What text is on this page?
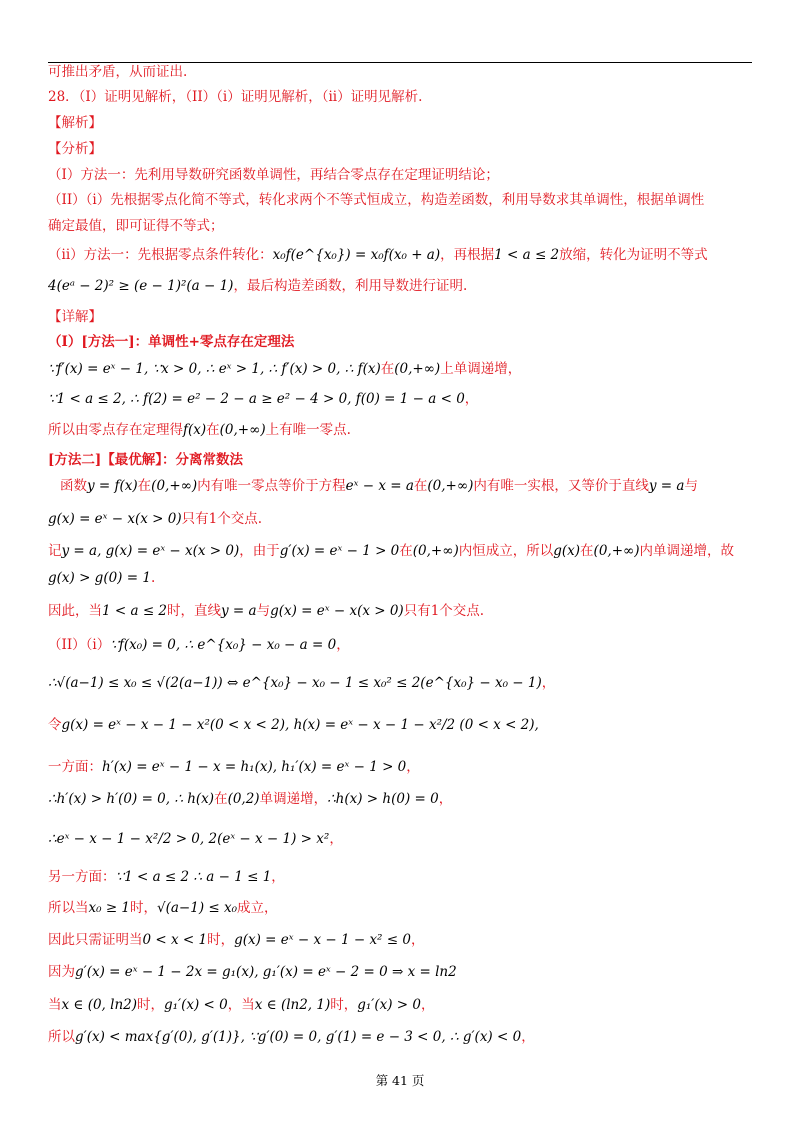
可推出矛盾，从而证出.
28．（I）证明见解析，（II）（i）证明见解析，（ii）证明见解析.
【解析】
【分析】
（I）方法一：先利用导数研究函数单调性，再结合零点存在定理证明结论；
（II）（i）先根据零点化简不等式，转化求两个不等式恒成立，构造差函数，利用导数求其单调性，根据单调性
确定最值，即可证得不等式；
（ii）方法一：先根据零点条件转化：x₀f(e^{x₀}) = x₀f(x₀ + a)，再根据1 < a ≤ 2放缩，转化为证明不等式
4(eᵃ − 2)² ≥ (e − 1)²(a − 1)，最后构造差函数，利用导数进行证明.
【详解】
（I）[方法一]：单调性+零点存在定理法
∵f′(x) = eˣ − 1, ∵x > 0, ∴ eˣ > 1, ∴ f′(x) > 0, ∴ f(x)在(0,+∞)上单调递增，
∵1 < a ≤ 2, ∴ f(2) = e² − 2 − a ≥ e² − 4 > 0, f(0) = 1 − a < 0，
所以由零点存在定理得f(x)在(0,+∞)上有唯一零点.
[方法二]【最优解】：分离常数法
函数y = f(x)在(0,+∞)内有唯一零点等价于方程eˣ − x = a在(0,+∞)内有唯一实根，又等价于直线y = a与
g(x) = eˣ − x(x > 0)只有1个交点.
记y = a, g(x) = eˣ − x(x > 0)，由于g′(x) = eˣ − 1 > 0在(0,+∞)内恒成立，所以g(x)在(0,+∞)内单调递增，故
g(x) > g(0) = 1.
因此，当1 < a ≤ 2时，直线y = a与g(x) = eˣ − x(x > 0)只有1个交点.
（II）（i）∵f(x₀) = 0, ∴ e^{x₀} − x₀ − a = 0，
∴√(a−1) ≤ x₀ ≤ √(2(a−1)) ⇔ e^{x₀} − x₀ − 1 ≤ x₀² ≤ 2(e^{x₀} − x₀ − 1)，
令g(x) = eˣ − x − 1 − x²(0 < x < 2), h(x) = eˣ − x − 1 − x²/2 (0 < x < 2),
一方面：h′(x) = eˣ − 1 − x = h₁(x), h₁′(x) = eˣ − 1 > 0，
∴h′(x) > h′(0) = 0, ∴ h(x)在(0,2)单调递增，∴h(x) > h(0) = 0，
∴eˣ − x − 1 − x²/2 > 0, 2(eˣ − x − 1) > x²，
另一方面：∵1 < a ≤ 2 ∴ a − 1 ≤ 1，
所以当x₀ ≥ 1时，√(a−1) ≤ x₀成立，
因此只需证明当0 < x < 1时，g(x) = eˣ − x − 1 − x² ≤ 0，
因为g′(x) = eˣ − 1 − 2x = g₁(x), g₁′(x) = eˣ − 2 = 0 ⇒ x = ln2
当x ∈ (0, ln2)时，g₁′(x) < 0，当x ∈ (ln2, 1)时，g₁′(x) > 0，
所以g′(x) < max{g′(0), g′(1)}, ∵g′(0) = 0, g′(1) = e − 3 < 0, ∴ g′(x) < 0，
第 41 页
